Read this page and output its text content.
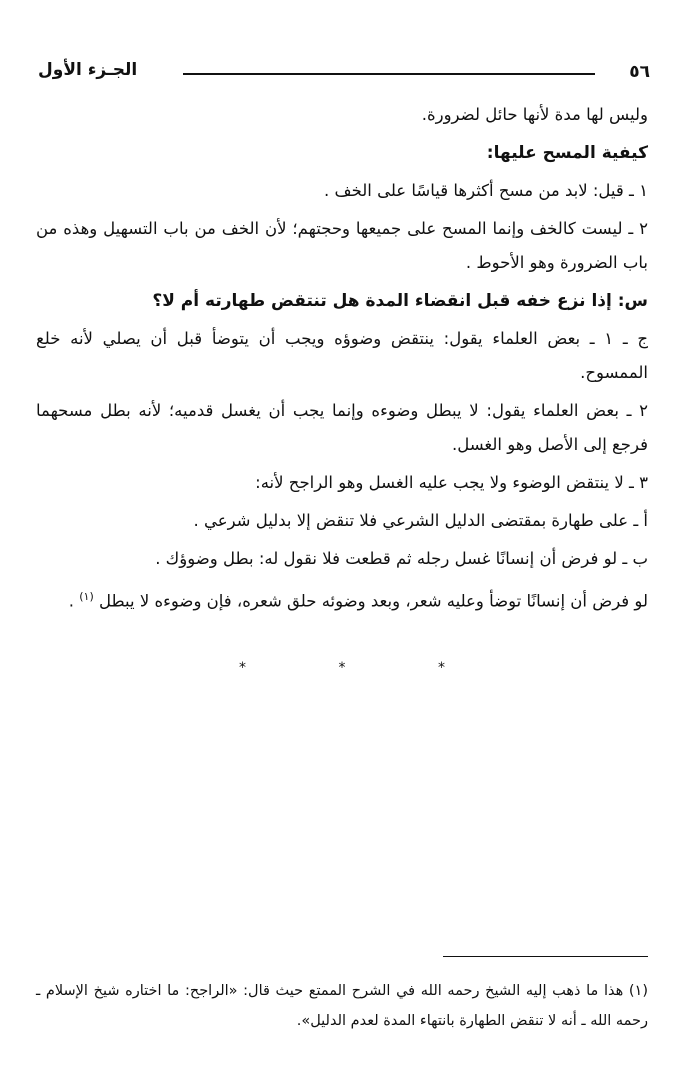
٥٦
الجـزء الأول

وليس لها مدة لأنها حائل لضرورة.

كيفية المسح عليها:

١ ـ قيل: لابد من مسح أكثرها قياسًا على الخف .

٢ ـ ليست كالخف وإنما المسح على جميعها وحجتهم؛ لأن الخف من باب التسهيل وهذه من باب الضرورة وهو الأحوط .

س: إذا نزع خفه قبل انقضاء المدة هل تنتقض طهارته أم لا؟

ج ـ ١ ـ بعض العلماء يقول: ينتقض وضوؤه ويجب أن يتوضأ قبل أن يصلي لأنه خلع الممسوح.

٢ ـ بعض العلماء يقول: لا يبطل وضوءه وإنما يجب أن يغسل قدميه؛ لأنه بطل مسحهما فرجع إلى الأصل وهو الغسل.

٣ ـ لا ينتقض الوضوء ولا يجب عليه الغسل وهو الراجح لأنه:

أ ـ على طهارة بمقتضى الدليل الشرعي فلا تنقض إلا بدليل شرعي .

ب ـ لو فرض أن إنسانًا غسل رجله ثم قطعت فلا نقول له: بطل وضوؤك .

لو فرض أن إنسانًا توضأ وعليه شعر، وبعد وضوئه حلق شعره، فإن وضوءه لا يبطل $^{(١)}$ .

* * *

(١) هذا ما ذهب إليه الشيخ رحمه الله في الشرح الممتع حيث قال: «الراجح: ما اختاره شيخ الإسلام ـ رحمه الله ـ أنه لا تنقض الطهارة بانتهاء المدة لعدم الدليل».
